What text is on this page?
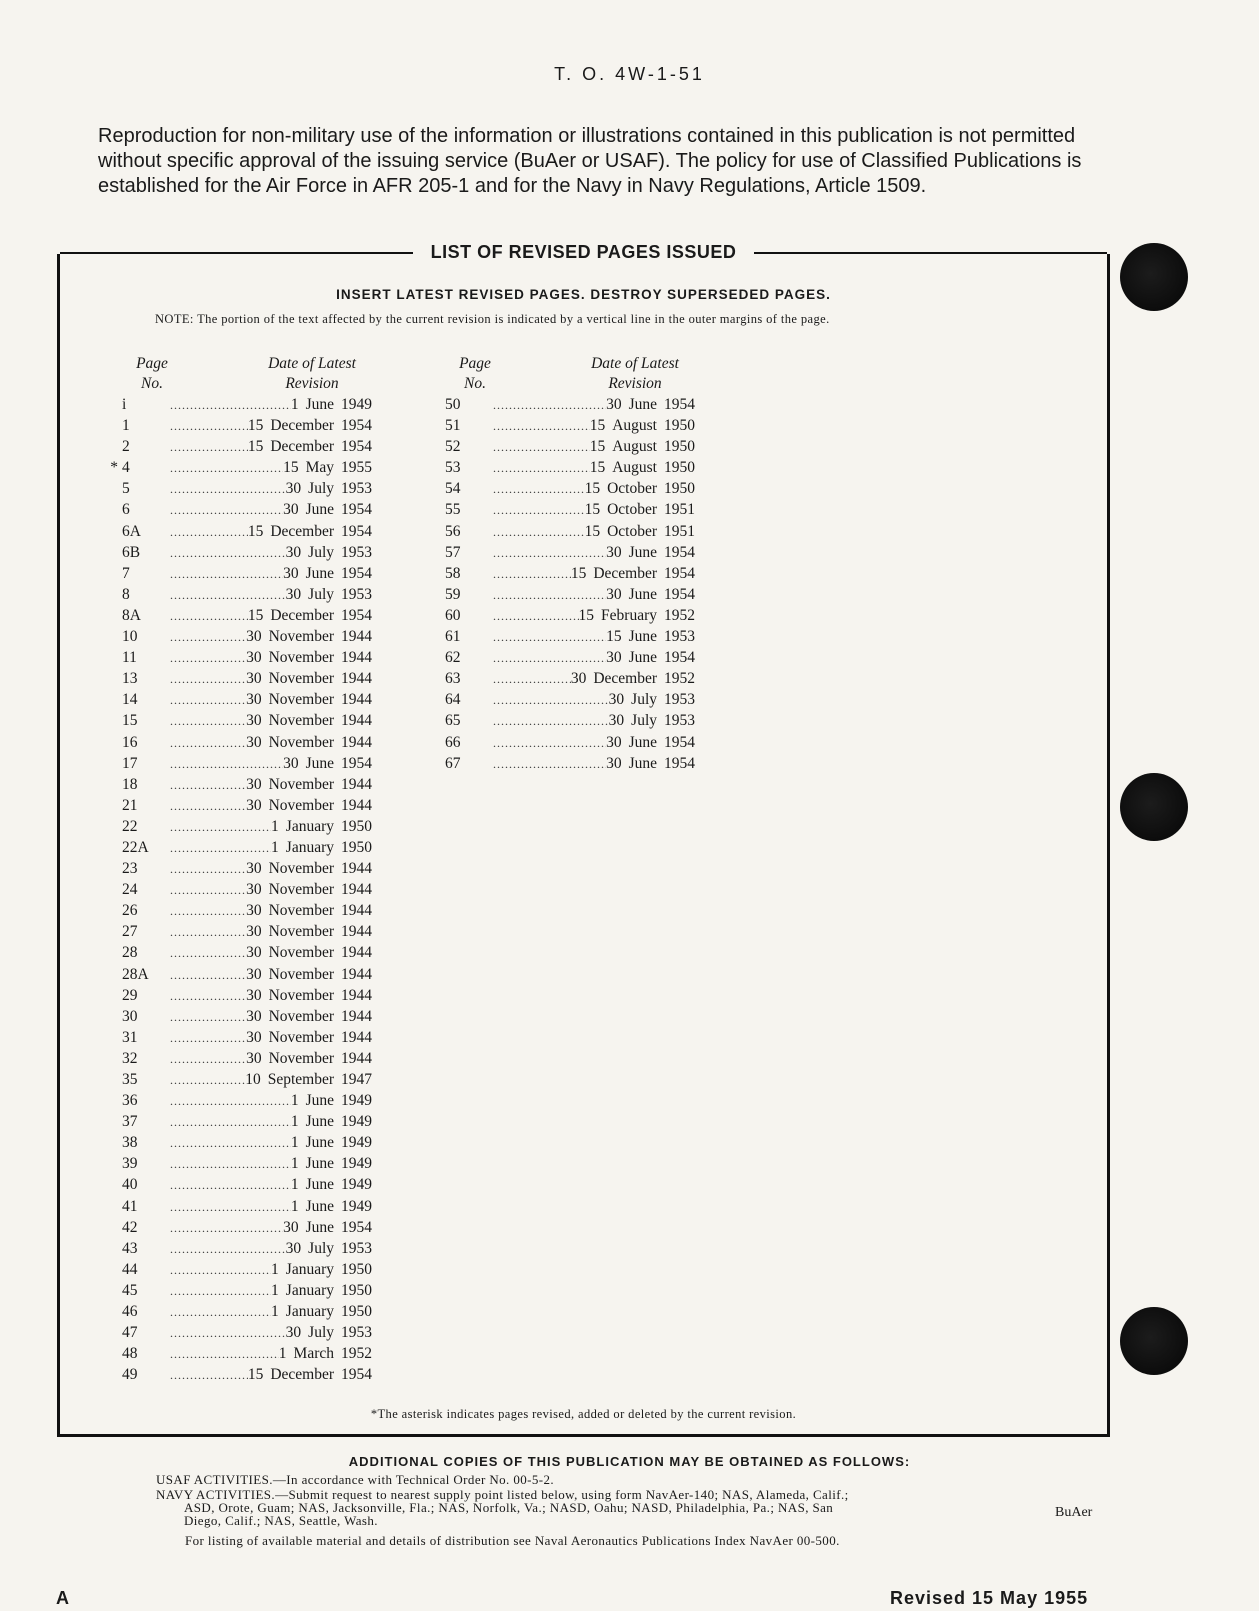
T. O. 4W-1-51

Reproduction for non-military use of the information or illustrations contained in this publication is not permitted without specific approval of the issuing service (BuAer or USAF). The policy for use of Classified Publications is established for the Air Force in AFR 205-1 and for the Navy in Navy Regulations, Article 1509.

LIST OF REVISED PAGES ISSUED
INSERT LATEST REVISED PAGES. DESTROY SUPERSEDED PAGES.
NOTE: The portion of the text affected by the current revision is indicated by a vertical line in the outer margins of the page.
Page
No.
Date of Latest
Revision
i .....	1 June 1949
1 .....	15 December 1954
2 .....	15 December 1954
* 4 .....	15 May 1955
5 .....	30 July 1953
6 .....	30 June 1954
6A .....	15 December 1954
6B .....	30 July 1953
7 .....	30 June 1954
8 .....	30 July 1953
8A .....	15 December 1954
10 .....	30 November 1944
11 .....	30 November 1944
13 .....	30 November 1944
14 .....	30 November 1944
15 .....	30 November 1944
16 .....	30 November 1944
17 .....	30 June 1954
18 .....	30 November 1944
21 .....	30 November 1944
22 .....	1 January 1950
22A .....	1 January 1950
23 .....	30 November 1944
24 .....	30 November 1944
26 .....	30 November 1944
27 .....	30 November 1944
28 .....	30 November 1944
28A .....	30 November 1944
29 .....	30 November 1944
30 .....	30 November 1944
31 .....	30 November 1944
32 .....	30 November 1944
35 .....	10 September 1947
36 .....	1 June 1949
37 .....	1 June 1949
38 .....	1 June 1949
39 .....	1 June 1949
40 .....	1 June 1949
41 .....	1 June 1949
42 .....	30 June 1954
43 .....	30 July 1953
44 .....	1 January 1950
45 .....	1 January 1950
46 .....	1 January 1950
47 .....	30 July 1953
48 .....	1 March 1952
49 .....	15 December 1954
Page
No.
Date of Latest
Revision
50 .....	30 June 1954
51 .....	15 August 1950
52 .....	15 August 1950
53 .....	15 August 1950
54 .....	15 October 1950
55 .....	15 October 1951
56 .....	15 October 1951
57 .....	30 June 1954
58 .....	15 December 1954
59 .....	30 June 1954
60 .....	15 February 1952
61 .....	15 June 1953
62 .....	30 June 1954
63 .....	30 December 1952
64 .....	30 July 1953
65 .....	30 July 1953
66 .....	30 June 1954
67 .....	30 June 1954
*The asterisk indicates pages revised, added or deleted by the current revision.
ADDITIONAL COPIES OF THIS PUBLICATION MAY BE OBTAINED AS FOLLOWS:

USAF ACTIVITIES.—In accordance with Technical Order No. 00-5-2.

NAVY ACTIVITIES.—Submit request to nearest supply point listed below, using form NavAer-140; NAS, Alameda, Calif.;
ASD, Orote, Guam; NAS, Jacksonville, Fla.; NAS, Norfolk, Va.; NASD, Oahu; NASD, Philadelphia, Pa.; NAS, San
Diego, Calif.; NAS, Seattle, Wash.

For listing of available material and details of distribution see Naval Aeronautics Publications Index NavAer 00-500.

BuAer
A	Revised 15 May 1955
